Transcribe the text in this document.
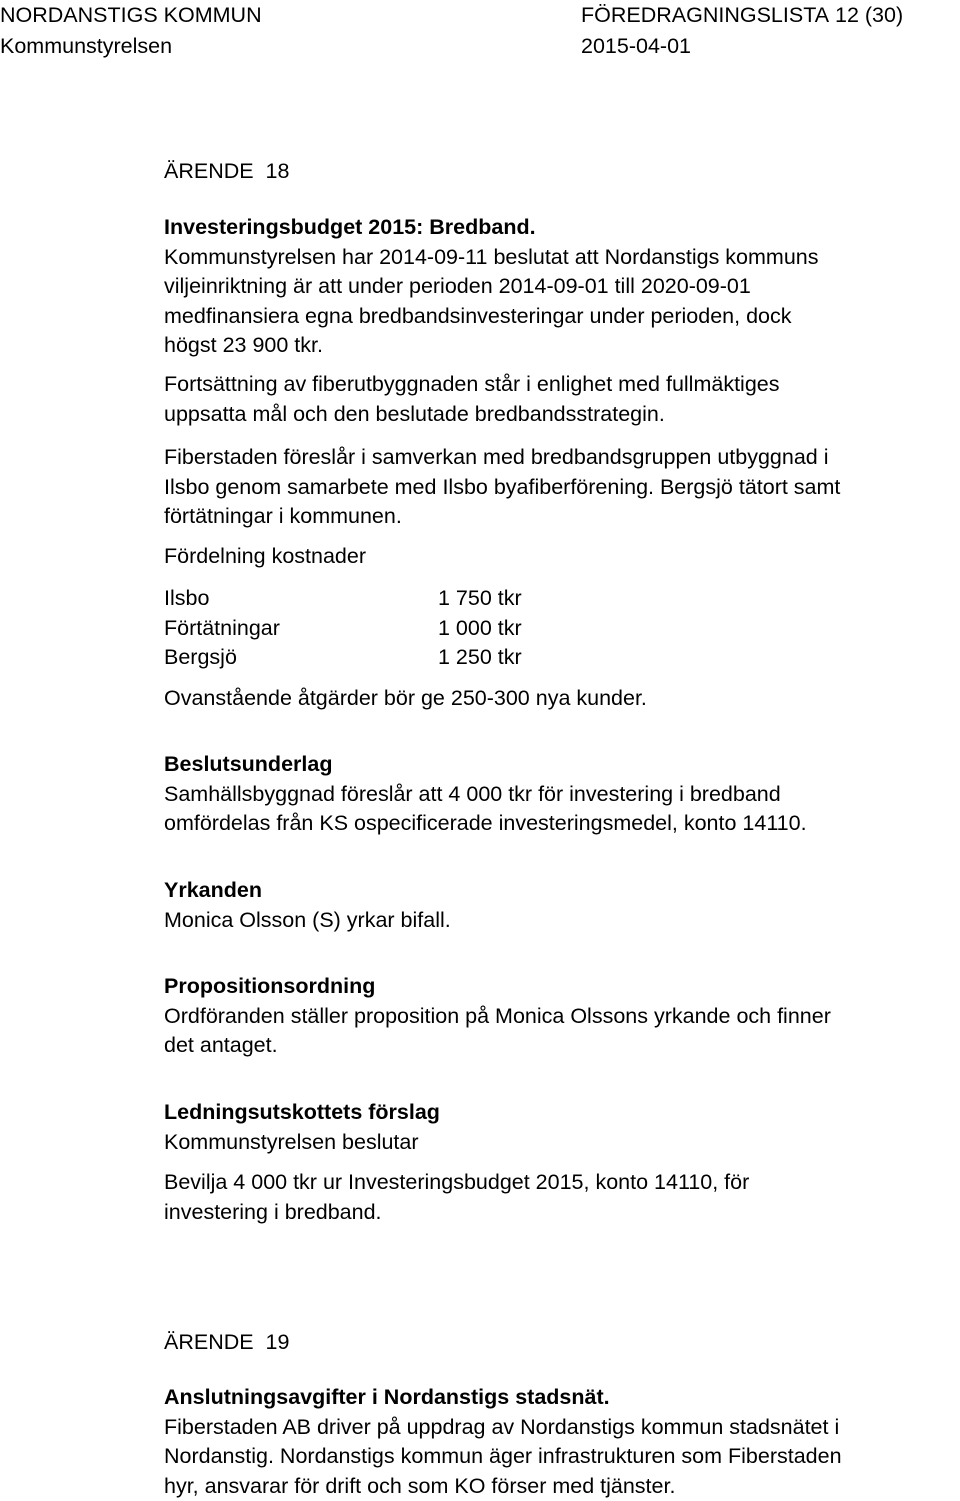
NORDANSTIGS KOMMUN	FÖREDRAGNINGSLISTA 12 (30)
Kommunstyrelsen	2015-04-01
ÄRENDE  18

Investeringsbudget 2015: Bredband.

Kommunstyrelsen har 2014-09-11 beslutat att Nordanstigs kommuns

viljeinriktning är att under perioden 2014-09-01 till 2020-09-01

medfinansiera egna bredbandsinvesteringar under perioden, dock

högst 23 900 tkr.

Fortsättning av fiberutbyggnaden står i enlighet med fullmäktiges

uppsatta mål och den beslutade bredbandsstrategin.

Fiberstaden föreslår i samverkan med bredbandsgruppen utbyggnad i

Ilsbo genom samarbete med Ilsbo byafiberförening. Bergsjö tätort samt

förtätningar i kommunen.

Fördelning kostnader
Ilsbo	1 750 tkr
Förtätningar	1 000 tkr
Bergsjö	1 250 tkr
Ovanstående åtgärder bör ge 250-300 nya kunder.

Beslutsunderlag

Samhällsbyggnad föreslår att 4 000 tkr för investering i bredband

omfördelas från KS ospecificerade investeringsmedel, konto 14110.

Yrkanden

Monica Olsson (S) yrkar bifall.

Propositionsordning

Ordföranden ställer proposition på Monica Olssons yrkande och finner

det antaget.

Ledningsutskottets förslag

Kommunstyrelsen beslutar

Bevilja 4 000 tkr ur Investeringsbudget 2015, konto 14110, för

investering i bredband.

ÄRENDE  19

Anslutningsavgifter i Nordanstigs stadsnät.

Fiberstaden AB driver på uppdrag av Nordanstigs kommun stadsnätet i

Nordanstig. Nordanstigs kommun äger infrastrukturen som Fiberstaden

hyr, ansvarar för drift och som KO förser med tjänster.
